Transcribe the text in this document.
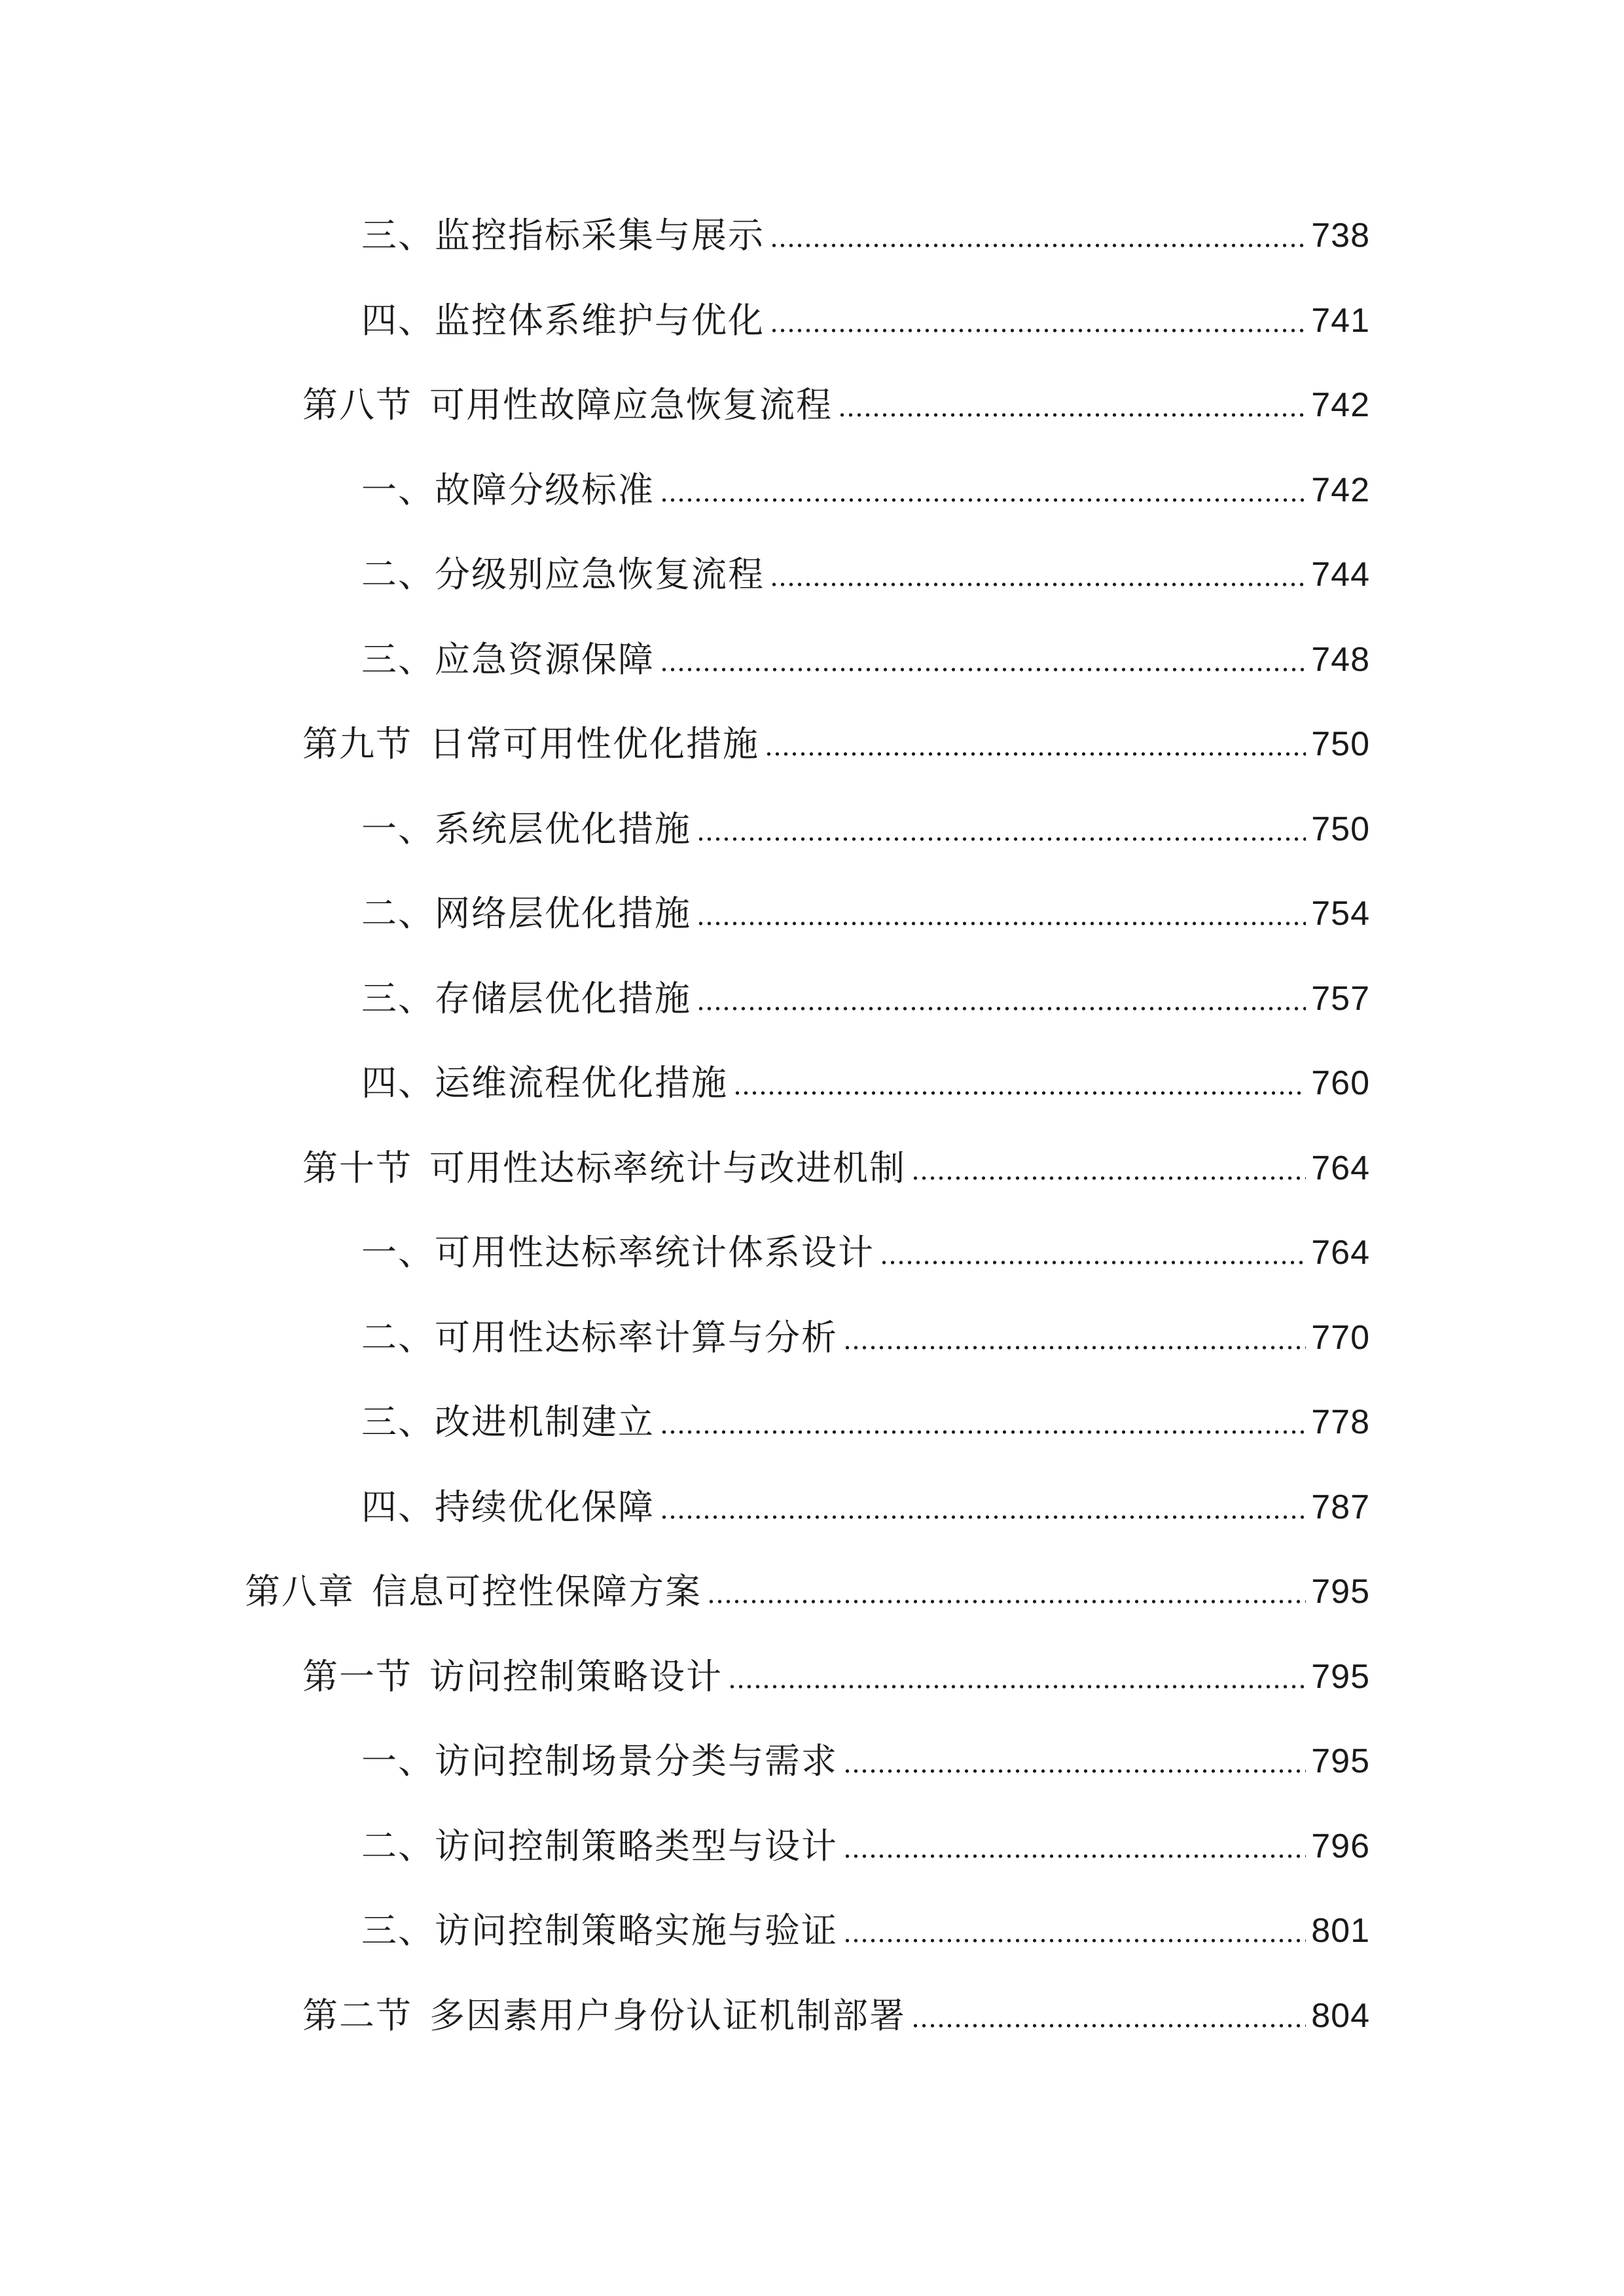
三、监控指标采集与展示	738
四、监控体系维护与优化	741
第八节 可用性故障应急恢复流程	742
一、故障分级标准	742
二、分级别应急恢复流程	744
三、应急资源保障	748
第九节 日常可用性优化措施	750
一、系统层优化措施	750
二、网络层优化措施	754
三、存储层优化措施	757
四、运维流程优化措施	760
第十节 可用性达标率统计与改进机制	764
一、可用性达标率统计体系设计	764
二、可用性达标率计算与分析	770
三、改进机制建立	778
四、持续优化保障	787
第八章 信息可控性保障方案	795
第一节 访问控制策略设计	795
一、访问控制场景分类与需求	795
二、访问控制策略类型与设计	796
三、访问控制策略实施与验证	801
第二节 多因素用户身份认证机制部署	804
